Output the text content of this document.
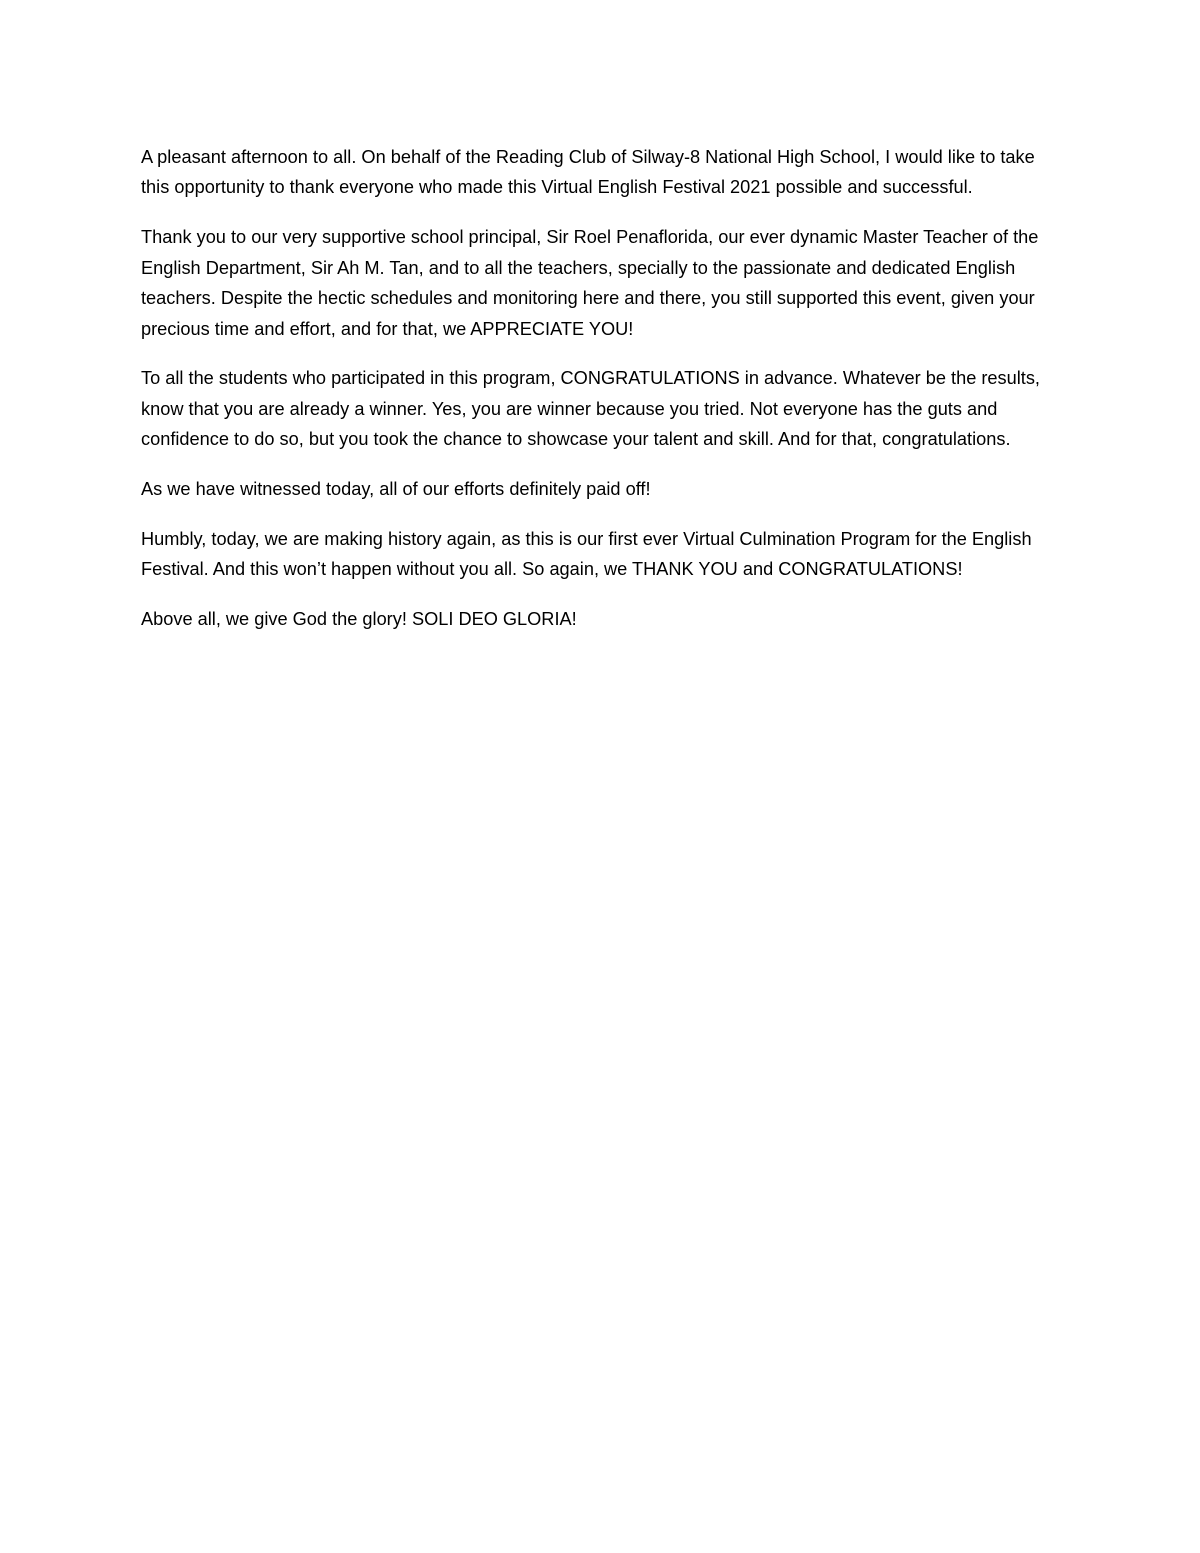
A pleasant afternoon to all. On behalf of the Reading Club of Silway-8 National High School, I would like to take this opportunity to thank everyone who made this Virtual English Festival 2021 possible and successful.

Thank you to our very supportive school principal, Sir Roel Penaflorida, our ever dynamic Master Teacher of the English Department, Sir Ah M. Tan, and to all the teachers, specially to the passionate and dedicated English teachers. Despite the hectic schedules and monitoring here and there, you still supported this event, given your precious time and effort, and for that, we APPRECIATE YOU!

To all the students who participated in this program, CONGRATULATIONS in advance. Whatever be the results, know that you are already a winner. Yes, you are winner because you tried. Not everyone has the guts and confidence to do so, but you took the chance to showcase your talent and skill. And for that, congratulations.

As we have witnessed today, all of our efforts definitely paid off!

Humbly, today, we are making history again, as this is our first ever Virtual Culmination Program for the English Festival. And this won’t happen without you all. So again, we THANK YOU and CONGRATULATIONS!

Above all, we give God the glory! SOLI DEO GLORIA!
